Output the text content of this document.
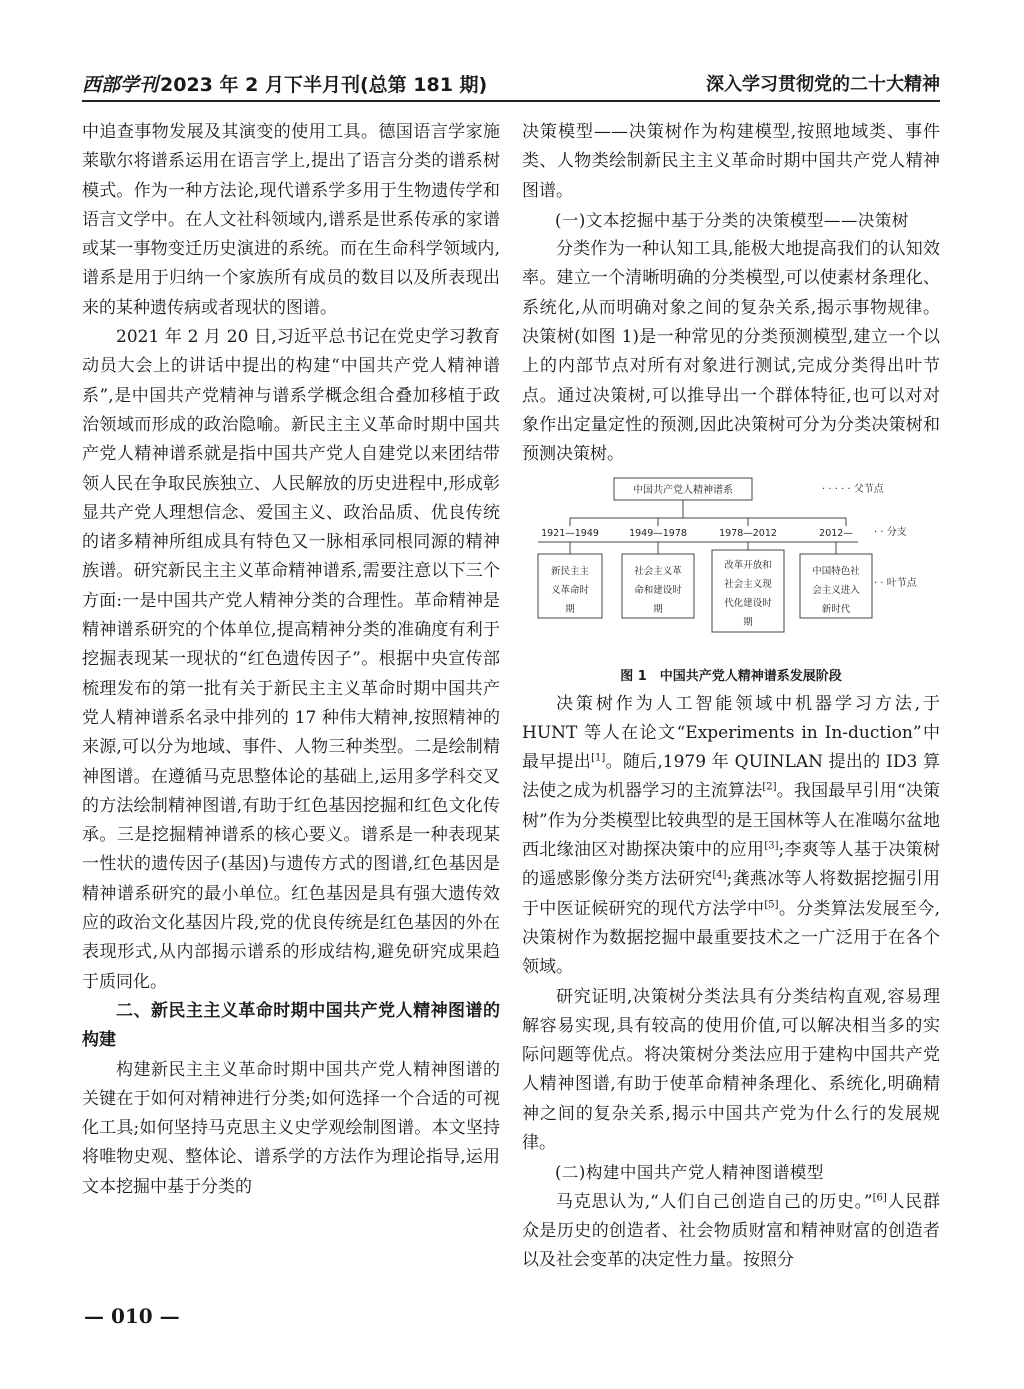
西部学刊 2023 年 2 月下半月刊(总第 181 期)	深入学习贯彻党的二十大精神

中追查事物发展及其演变的使用工具。德国语言学家施莱歇尔将谱系运用在语言学上,提出了语言分类的谱系树模式。作为一种方法论,现代谱系学多用于生物遗传学和语言文学中。在人文社科领域内,谱系是世系传承的家谱或某一事物变迁历史演进的系统。而在生命科学领域内,谱系是用于归纳一个家族所有成员的数目以及所表现出来的某种遗传病或者现状的图谱。

2021 年 2 月 20 日,习近平总书记在党史学习教育动员大会上的讲话中提出的构建“中国共产党人精神谱系”,是中国共产党精神与谱系学概念组合叠加移植于政治领域而形成的政治隐喻。新民主主义革命时期中国共产党人精神谱系就是指中国共产党人自建党以来团结带领人民在争取民族独立、人民解放的历史进程中,形成彰显共产党人理想信念、爱国主义、政治品质、优良传统的诸多精神所组成具有特色又一脉相承同根同源的精神族谱。研究新民主主义革命精神谱系,需要注意以下三个方面:一是中国共产党人精神分类的合理性。革命精神是精神谱系研究的个体单位,提高精神分类的准确度有利于挖掘表现某一现状的“红色遗传因子”。根据中央宣传部梳理发布的第一批有关于新民主主义革命时期中国共产党人精神谱系名录中排列的 17 种伟大精神,按照精神的来源,可以分为地域、事件、人物三种类型。二是绘制精神图谱。在遵循马克思整体论的基础上,运用多学科交叉的方法绘制精神图谱,有助于红色基因挖掘和红色文化传承。三是挖掘精神谱系的核心要义。谱系是一种表现某一性状的遗传因子(基因)与遗传方式的图谱,红色基因是精神谱系研究的最小单位。红色基因是具有强大遗传效应的政治文化基因片段,党的优良传统是红色基因的外在表现形式,从内部揭示谱系的形成结构,避免研究成果趋于质同化。

二、新民主主义革命时期中国共产党人精神图谱的构建

构建新民主主义革命时期中国共产党人精神图谱的关键在于如何对精神进行分类;如何选择一个合适的可视化工具;如何坚持马克思主义史学观绘制图谱。本文坚持将唯物史观、整体论、谱系学的方法作为理论指导,运用文本挖掘中基于分类的

决策模型——决策树作为构建模型,按照地域类、事件类、人物类绘制新民主主义革命时期中国共产党人精神图谱。

(一)文本挖掘中基于分类的决策模型——决策树

分类作为一种认知工具,能极大地提高我们的认知效率。建立一个清晰明确的分类模型,可以使素材条理化、系统化,从而明确对象之间的复杂关系,揭示事物规律。决策树(如图 1)是一种常见的分类预测模型,建立一个以上的内部节点对所有对象进行测试,完成分类得出叶节点。通过决策树,可以推导出一个群体特征,也可以对对象作出定量定性的预测,因此决策树可分为分类决策树和预测决策树。

中国共产党人精神谱系	· · · · · 父节点
1921—1949	1949—1978	1978—2012	2012— · · 分支
新民主主
义革命时
期
社会主义革
命和建设时
期
改革开放和
社会主义现
代化建设时
期
中国特色社
会主义进入
新时代
· · 叶节点
图 1　中国共产党人精神谱系发展阶段

决策树作为人工智能领域中机器学习方法,于 HUNT 等人在论文“Experiments in In-duction”中最早提出[1]。随后,1979 年 QUINLAN 提出的 ID3 算法使之成为机器学习的主流算法[2]。我国最早引用“决策树”作为分类模型比较典型的是王国林等人在准噶尔盆地西北缘油区对勘探决策中的应用[3];李爽等人基于决策树的遥感影像分类方法研究[4];龚燕冰等人将数据挖掘引用于中医证候研究的现代方法学中[5]。分类算法发展至今,决策树作为数据挖掘中最重要技术之一广泛用于在各个领域。

研究证明,决策树分类法具有分类结构直观,容易理解容易实现,具有较高的使用价值,可以解决相当多的实际问题等优点。将决策树分类法应用于建构中国共产党人精神图谱,有助于使革命精神条理化、系统化,明确精神之间的复杂关系,揭示中国共产党为什么行的发展规律。

(二)构建中国共产党人精神图谱模型

马克思认为,“人们自己创造自己的历史。”[6]人民群众是历史的创造者、社会物质财富和精神财富的创造者以及社会变革的决定性力量。按照分

— 010 —
